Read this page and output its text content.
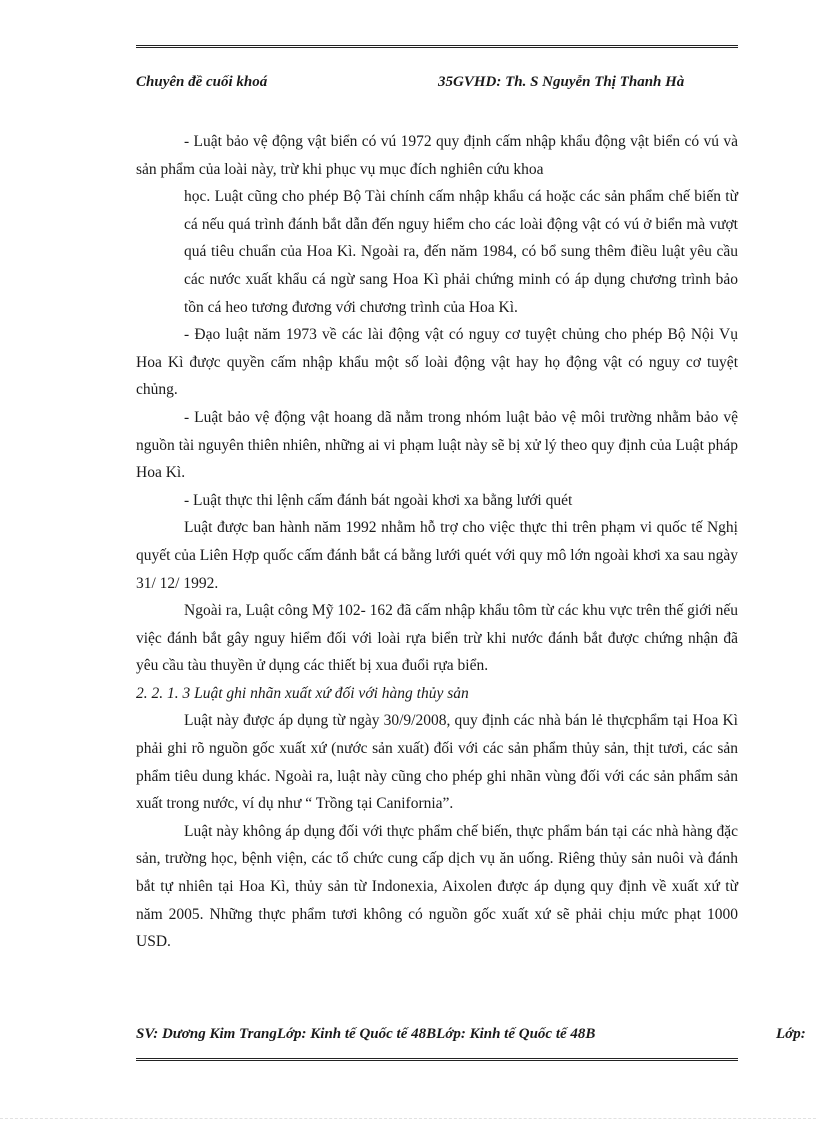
Chuyên đề cuối khoá	35GVHD: Th. S Nguyễn Thị Thanh Hà

- Luật bảo vệ động vật biển có vú 1972 quy định cấm nhập khẩu động vật biển có vú và sản phẩm của loài này, trừ khi phục vụ mục đích nghiên cứu khoa

học. Luật cũng cho phép Bộ Tài chính cấm nhập khẩu cá hoặc các sản phẩm chế biến từ cá nếu quá trình đánh bắt dẫn đến nguy hiểm cho các loài động vật có vú ở biển mà vượt quá tiêu chuẩn của Hoa Kì. Ngoài ra, đến năm 1984, có bổ sung thêm điều luật yêu cầu các nước xuất khẩu cá ngừ sang Hoa Kì phải chứng minh có áp dụng chương trình bảo tồn cá heo tương đương với chương trình của Hoa Kì.

- Đạo luật năm 1973 về các lài động vật có nguy cơ tuyệt chủng cho phép Bộ Nội Vụ Hoa Kì được quyền cấm nhập khẩu một số loài động vật hay họ động vật có nguy cơ tuyệt chủng.

- Luật bảo vệ động vật hoang dã nằm trong nhóm luật bảo vệ môi trường nhằm bảo vệ nguồn tài nguyên thiên nhiên, những ai vi phạm luật này sẽ bị xử lý theo quy định của Luật pháp Hoa Kì.

- Luật thực thi lệnh cấm đánh bát ngoài khơi xa bằng lưới quét

Luật được ban hành năm 1992 nhằm hỗ trợ cho việc thực thi trên phạm vi quốc tế Nghị quyết của Liên Hợp quốc cấm đánh bắt cá bằng lưới quét với quy mô lớn ngoài khơi xa sau ngày 31/ 12/ 1992.

Ngoài ra, Luật công Mỹ 102- 162 đã cấm nhập khẩu tôm từ các khu vực trên thế giới nếu việc đánh bắt gây nguy hiểm đối với loài rựa biển trừ khi nước đánh bắt được chứng nhận đã yêu cầu tàu thuyền ử dụng các thiết bị xua đuổi rựa biển.

2. 2. 1. 3 Luật ghi nhãn xuất xứ đối với hàng thủy sản

Luật này được áp dụng từ ngày 30/9/2008, quy định các nhà bán lẻ thựcphẩm tại Hoa Kì phải ghi rõ nguồn gốc xuất xứ (nước sản xuất) đối với các sản phẩm thủy sản, thịt tươi, các sản phẩm tiêu dung khác. Ngoài ra, luật này cũng cho phép ghi nhãn vùng đối với các sản phẩm sản xuất trong nước, ví dụ như “ Trồng tại Canifornia”.

Luật này không áp dụng đối với thực phẩm chế biến, thực phẩm bán tại các nhà hàng đặc sản, trường học, bệnh viện, các tổ chức cung cấp dịch vụ ăn uống. Riêng thủy sản nuôi và đánh bắt tự nhiên tại Hoa Kì, thủy sản từ Indonexia, Aixolen được áp dụng quy định về xuất xứ từ năm 2005. Những thực phẩm tươi không có nguồn gốc xuất xứ sẽ phải chịu mức phạt 1000 USD.

SV: Dương Kim TrangLớp: Kinh tế Quốc tế 48BLớp: Kinh tế Quốc tế 48B	Lớp:
